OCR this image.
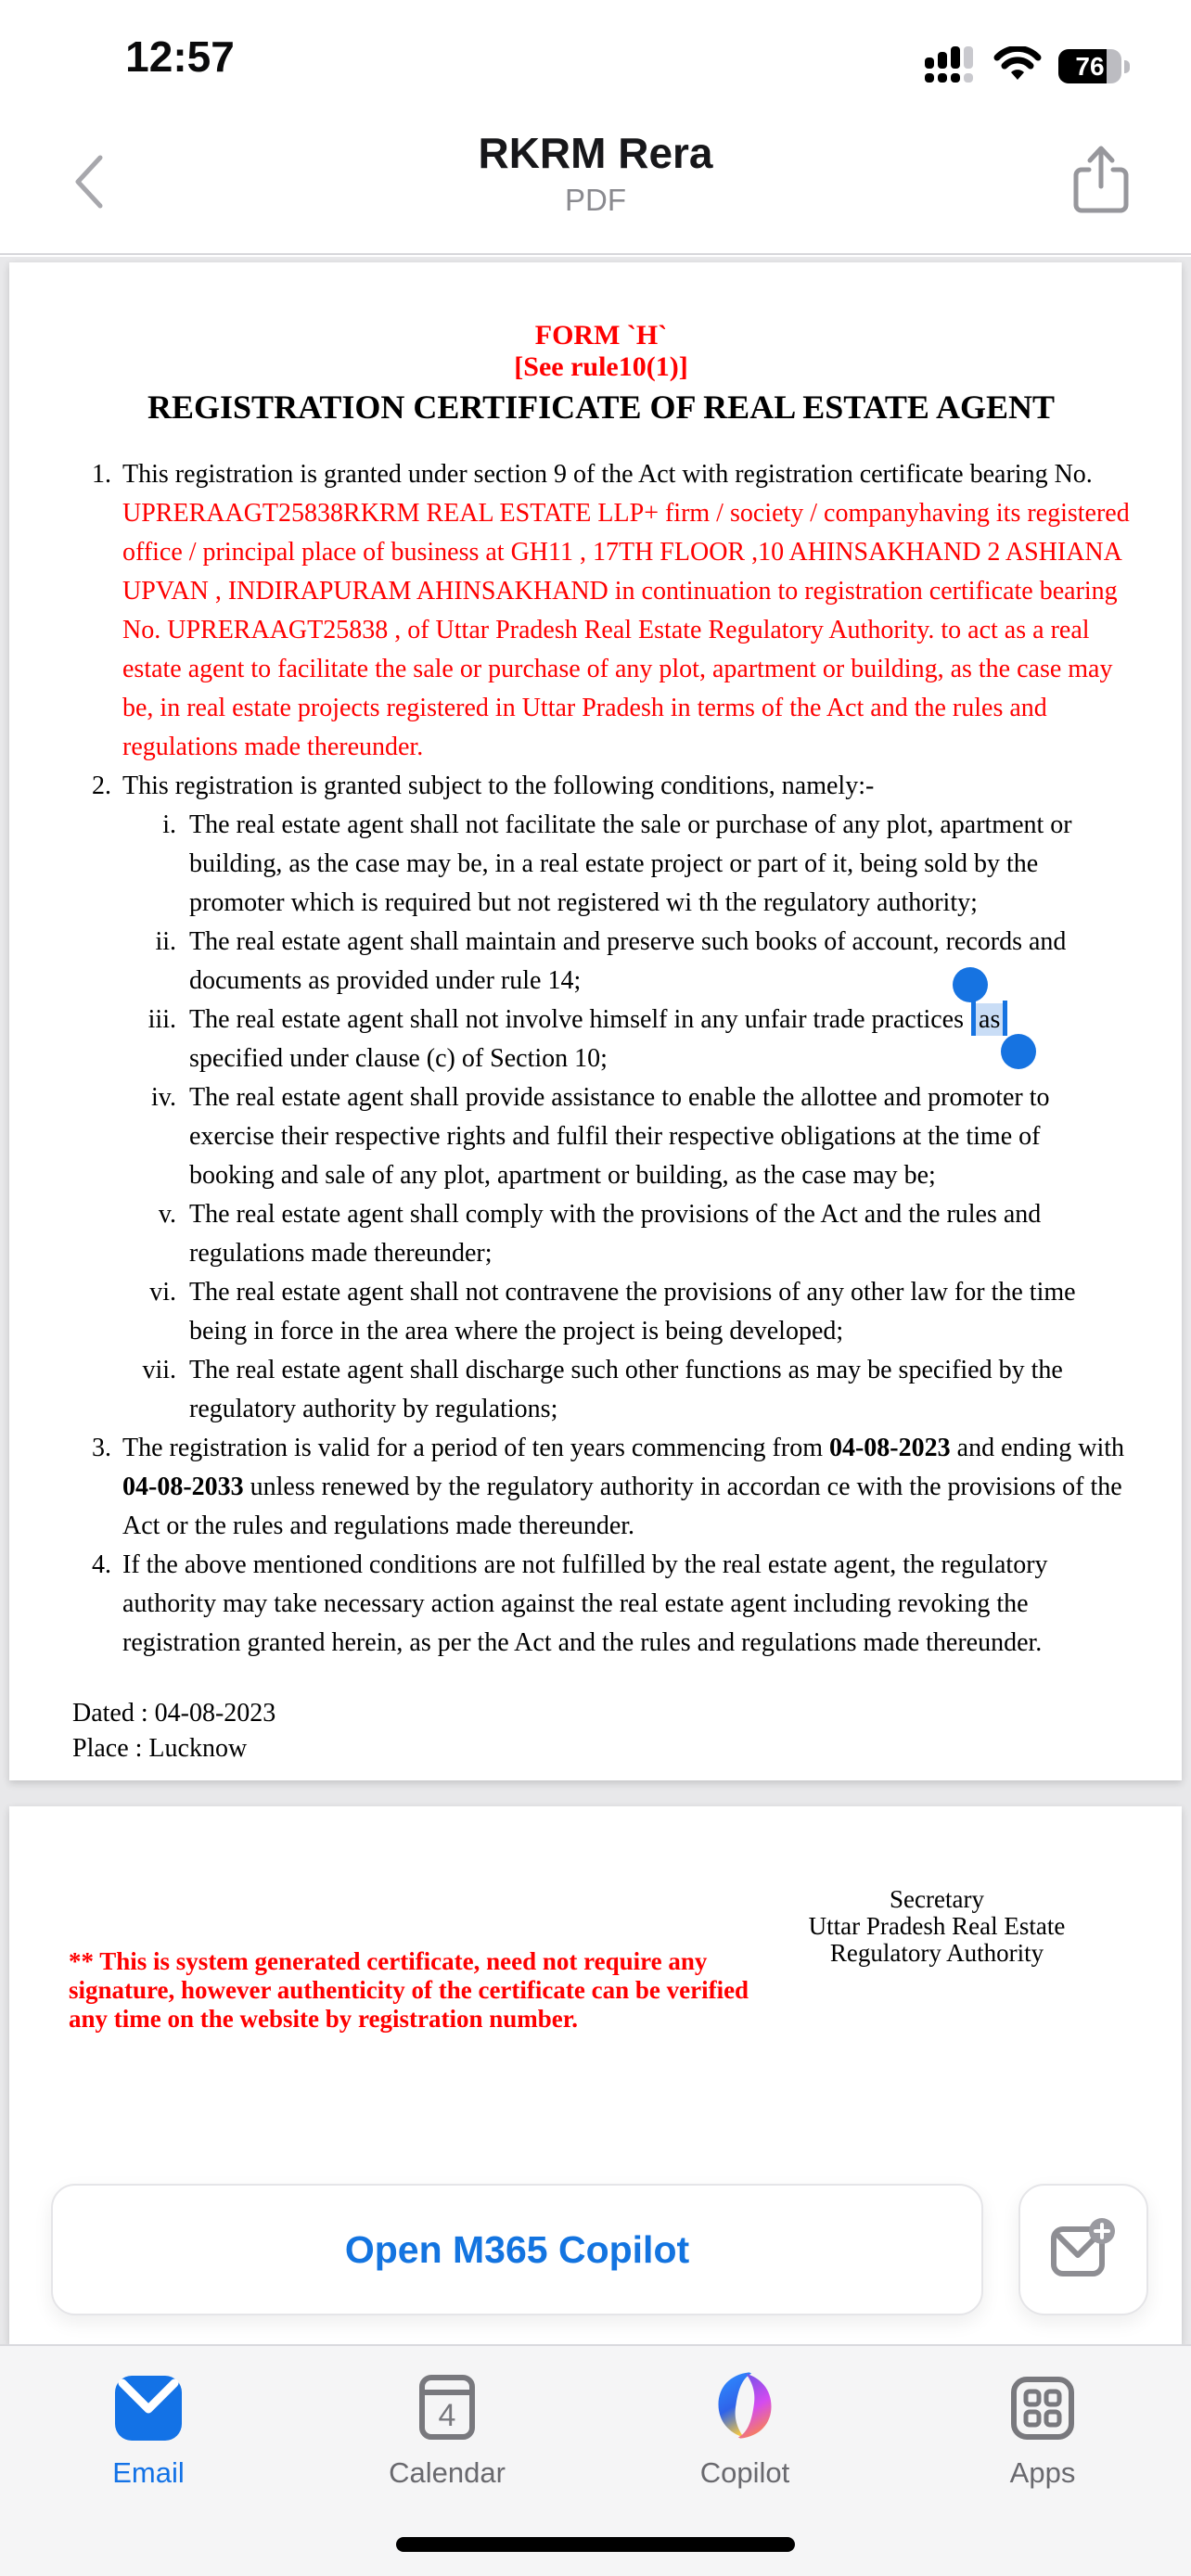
12:57	76
RKRM Rera
PDF
FORM `H`
[See rule10(1)]
REGISTRATION CERTIFICATE OF REAL ESTATE AGENT
1. This registration is granted under section 9 of the Act with registration certificate bearing No. UPRERAAGT25838RKRM REAL ESTATE LLP+ firm / society / companyhaving its registered office / principal place of business at GH11 , 17TH FLOOR ,10 AHINSAKHAND 2 ASHIANA UPVAN , INDIRAPURAM AHINSAKHAND in continuation to registration certificate bearing No. UPRERAAGT25838 , of Uttar Pradesh Real Estate Regulatory Authority. to act as a real estate agent to facilitate the sale or purchase of any plot, apartment or building, as the case may be, in real estate projects registered in Uttar Pradesh in terms of the Act and the rules and regulations made thereunder.
2. This registration is granted subject to the following conditions, namely:-
i. The real estate agent shall not facilitate the sale or purchase of any plot, apartment or building, as the case may be, in a real estate project or part of it, being sold by the promoter which is required but not registered wi th the regulatory authority;
ii. The real estate agent shall maintain and preserve such books of account, records and documents as provided under rule 14;
iii. The real estate agent shall not involve himself in any unfair trade practices as
specified under clause (c) of Section 10;
iv. The real estate agent shall provide assistance to enable the allottee and promoter to exercise their respective rights and fulfil their respective obligations at the time of booking and sale of any plot, apartment or building, as the case may be;
v. The real estate agent shall comply with the provisions of the Act and the rules and regulations made thereunder;
vi. The real estate agent shall not contravene the provisions of any other law for the time being in force in the area where the project is being developed;
vii. The real estate agent shall discharge such other functions as may be specified by the regulatory authority by regulations;
3. The registration is valid for a period of ten years commencing from 04-08-2023 and ending with 04-08-2033 unless renewed by the regulatory authority in accordan ce with the provisions of the Act or the rules and regulations made thereunder.
4. If the above mentioned conditions are not fulfilled by the real estate agent, the regulatory authority may take necessary action against the real estate agent including revoking the registration granted herein, as per the Act and the rules and regulations made thereunder.
Dated : 04-08-2023
Place : Lucknow
Secretary
Uttar Pradesh Real Estate
Regulatory Authority
** This is system generated certificate, need not require any signature, however authenticity of the certificate can be verified any time on the website by registration number.
Open M365 Copilot
Email
4
Calendar	Copilot	Apps
